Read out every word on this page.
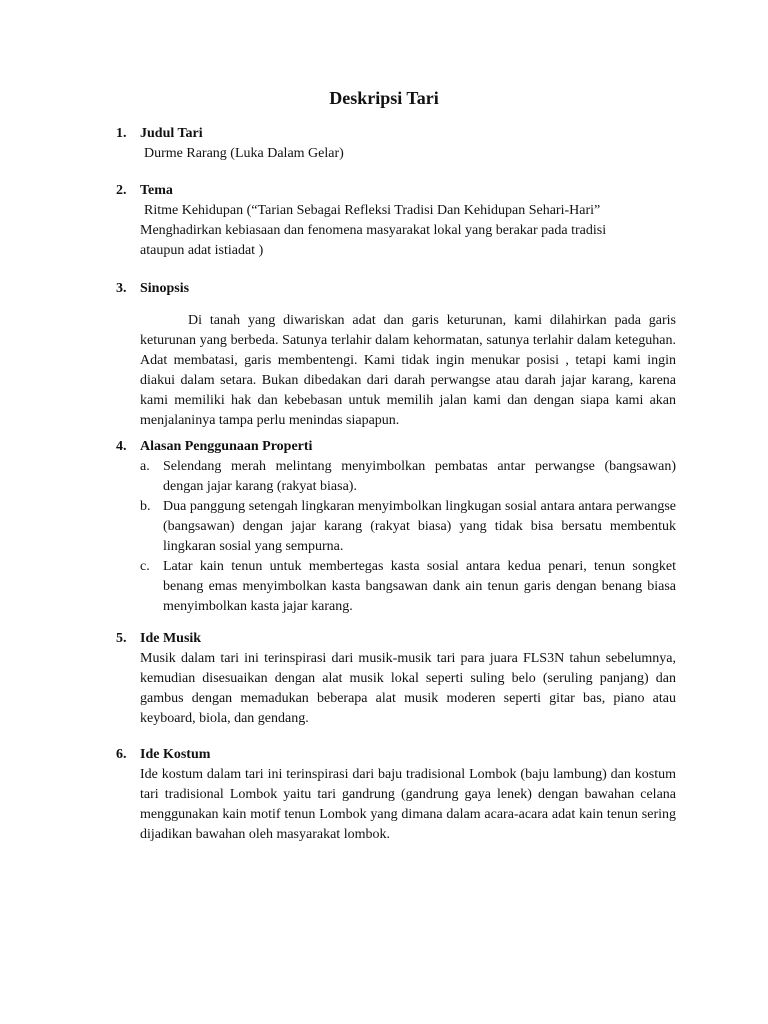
Deskripsi Tari
1. Judul Tari
Durme Rarang (Luka Dalam Gelar)
2. Tema
Ritme Kehidupan (“Tarian Sebagai Refleksi Tradisi Dan Kehidupan Sehari-Hari”
Menghadirkan kebiasaan dan fenomena masyarakat lokal yang berakar pada tradisi
ataupun adat istiadat )
3. Sinopsis
Di tanah yang diwariskan adat dan garis keturunan, kami dilahirkan pada garis keturunan yang berbeda. Satunya terlahir dalam kehormatan, satunya terlahir dalam keteguhan. Adat membatasi, garis membentengi. Kami tidak ingin menukar posisi , tetapi kami ingin diakui dalam setara. Bukan dibedakan dari darah perwangse atau darah jajar karang, karena kami memiliki hak dan kebebasan untuk memilih jalan kami dan dengan siapa kami akan menjalaninya tampa perlu menindas siapapun.
4. Alasan Penggunaan Properti
a. Selendang merah melintang menyimbolkan pembatas antar perwangse (bangsawan) dengan jajar karang (rakyat biasa).
b. Dua panggung setengah lingkaran menyimbolkan lingkugan sosial antara antara perwangse (bangsawan) dengan jajar karang (rakyat biasa) yang tidak bisa bersatu membentuk lingkaran sosial yang sempurna.
c. Latar kain tenun untuk membertegas kasta sosial antara kedua penari, tenun songket benang emas menyimbolkan kasta bangsawan dank ain tenun garis dengan benang biasa menyimbolkan kasta jajar karang.
5. Ide Musik
Musik dalam tari ini terinspirasi dari musik-musik tari para juara FLS3N tahun sebelumnya, kemudian disesuaikan dengan alat musik lokal seperti suling belo (seruling panjang) dan gambus dengan memadukan beberapa alat musik moderen seperti gitar bas, piano atau keyboard, biola, dan gendang.
6. Ide Kostum
Ide kostum dalam tari ini terinspirasi dari baju tradisional Lombok (baju lambung) dan kostum tari tradisional Lombok yaitu tari gandrung (gandrung gaya lenek) dengan bawahan celana menggunakan kain motif tenun Lombok yang dimana dalam acara-acara adat kain tenun sering dijadikan bawahan oleh masyarakat lombok.
